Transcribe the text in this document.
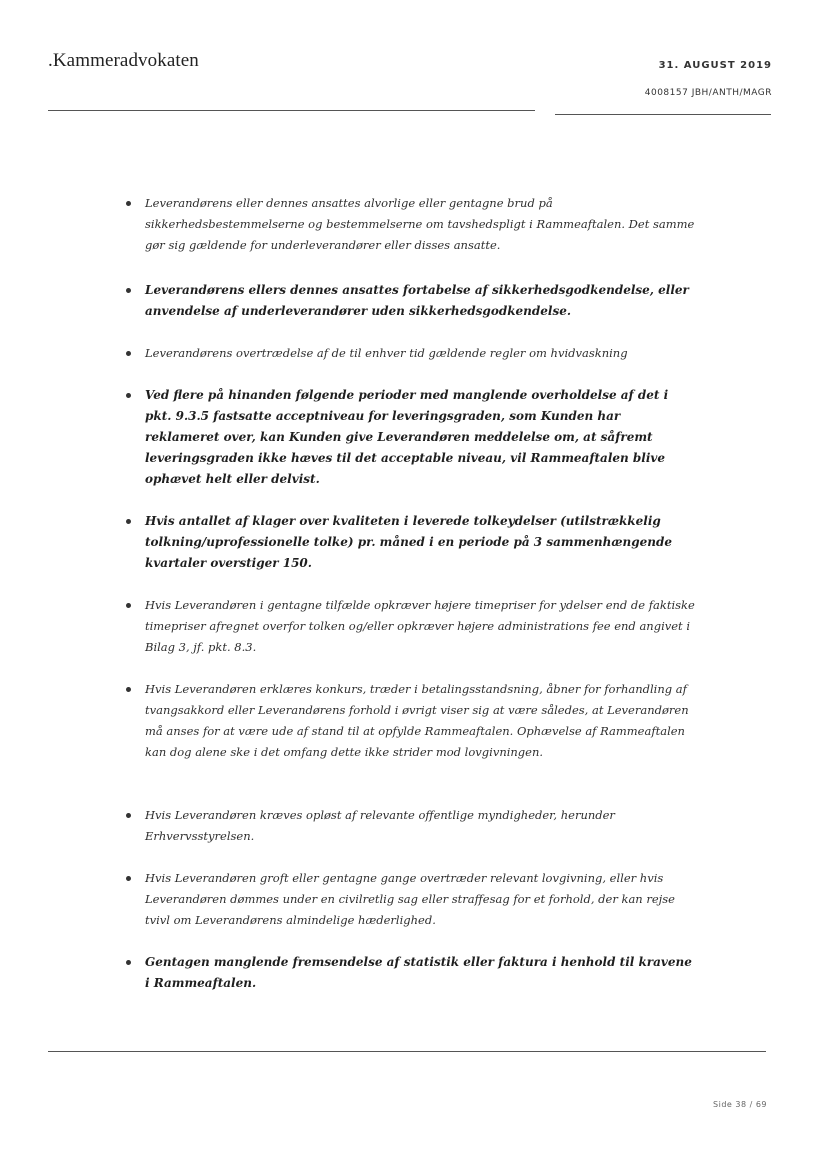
.Kammeradvokaten	31. AUGUST 2019
4008157 JBH/ANTH/MAGR
Leverandørens eller dennes ansattes alvorlige eller gentagne brud på sikkerhedsbestemmelserne og bestemmelserne om tavshedspligt i Rammeaftalen. Det samme gør sig gældende for underleverandører eller disses ansatte.
Leverandørens ellers dennes ansattes fortabelse af sikkerhedsgodkendelse, eller anvendelse af underleverandører uden sikkerhedsgodkendelse.
Leverandørens overtrædelse af de til enhver tid gældende regler om hvidvaskning
Ved flere på hinanden følgende perioder med manglende overholdelse af det i pkt. 9.3.5 fastsatte acceptniveau for leveringsgraden, som Kunden har reklameret over, kan Kunden give Leverandøren meddelelse om, at såfremt leveringsgraden ikke hæves til det acceptable niveau, vil Rammeaftalen blive ophævet helt eller delvist.
Hvis antallet af klager over kvaliteten i leverede tolkeydelser (utilstrækkelig tolkning/uprofessionelle tolke) pr. måned i en periode på 3 sammenhængende kvartaler overstiger 150.
Hvis Leverandøren i gentagne tilfælde opkræver højere timepriser for ydelser end de faktiske timepriser afregnet overfor tolken og/eller opkræver højere administrations fee end angivet i Bilag 3, jf. pkt. 8.3.
Hvis Leverandøren erklæres konkurs, træder i betalingsstandsning, åbner for forhandling af tvangsakkord eller Leverandørens forhold i øvrigt viser sig at være således, at Leverandøren må anses for at være ude af stand til at opfylde Rammeaftalen. Ophævelse af Rammeaftalen kan dog alene ske i det omfang dette ikke strider mod lovgivningen.
Hvis Leverandøren kræves opløst af relevante offentlige myndigheder, herunder Erhvervsstyrelsen.
Hvis Leverandøren groft eller gentagne gange overtræder relevant lovgivning, eller hvis Leverandøren dømmes under en civilretlig sag eller straffesag for et forhold, der kan rejse tvivl om Leverandørens almindelige hæderlighed.
Gentagen manglende fremsendelse af statistik eller faktura i henhold til kravene i Rammeaftalen.
Side 38 / 69
